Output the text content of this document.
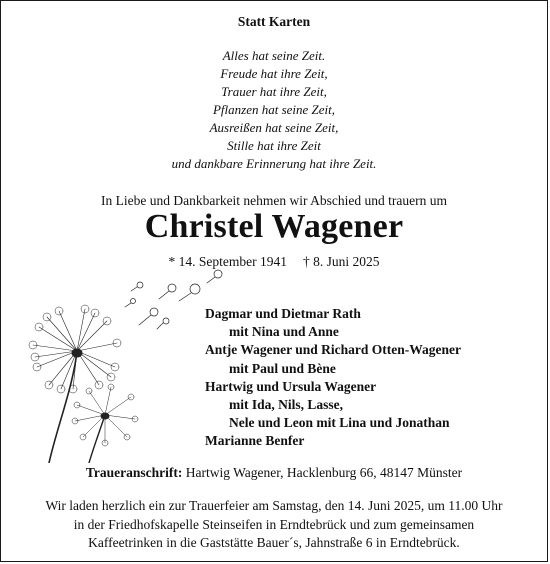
Statt Karten
Alles hat seine Zeit.
Freude hat ihre Zeit,
Trauer hat ihre Zeit,
Pflanzen hat seine Zeit,
Ausreißen hat seine Zeit,
Stille hat ihre Zeit
und dankbare Erinnerung hat ihre Zeit.
In Liebe und Dankbarkeit nehmen wir Abschied und trauern um
Christel Wagener
* 14. September 1941 † 8. Juni 2025
Dagmar und Dietmar Rath
mit Nina und Anne
Antje Wagener und Richard Otten-Wagener
mit Paul und Bène
Hartwig und Ursula Wagener
mit Ida, Nils, Lasse,
Nele und Leon mit Lina und Jonathan
Marianne Benfer
Traueranschrift: Hartwig Wagener, Hacklenburg 66, 48147 Münster
Wir laden herzlich ein zur Trauerfeier am Samstag, den 14. Juni 2025, um 11.00 Uhr
in der Friedhofskapelle Steinseifen in Erndtebrück und zum gemeinsamen
Kaffeetrinken in die Gaststätte Bauer´s, Jahnstraße 6 in Erndtebrück.
